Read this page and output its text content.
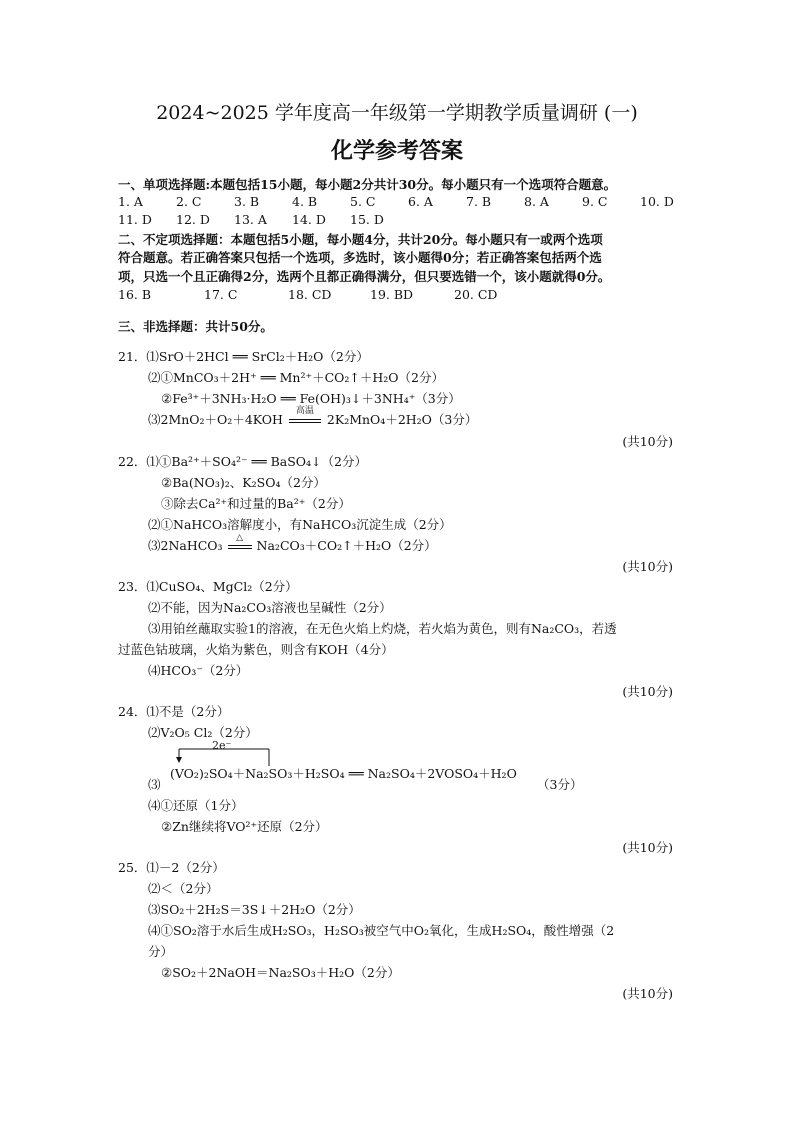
2024~2025 学年度高一年级第一学期教学质量调研 (一)
化学参考答案
一、单项选择题:本题包括15小题，每小题2分共计30分。每小题只有一个选项符合题意。
1. A	2. C	3. B	4. B	5. C	6. A	7. B	8. A	9. C	10. D
11. D 12. D 13. A 14. D 15. D
二、不定项选择题：本题包括5小题，每小题4分，共计20分。每小题只有一或两个选项
符合题意。若正确答案只包括一个选项，多选时，该小题得0分；若正确答案包括两个选
项，只选一个且正确得2分，选两个且都正确得满分，但只要选错一个，该小题就得0分。
16. B	17. C	18. CD	19. BD	20. CD
三、非选择题：共计50分。
21．⑴SrO＋2HCl ══ SrCl₂＋H₂O（2分）
⑵①MnCO₃＋2H⁺ ══ Mn²⁺＋CO₂↑＋H₂O（2分）
②Fe³⁺＋3NH₃·H₂O ══ Fe(OH)₃↓＋3NH₄⁺（3分）
⑶2MnO₂＋O₂＋4KOH
高温
2K₂MnO₄＋2H₂O（3分）
(共10分)
22．⑴①Ba²⁺＋SO₄²⁻ ══ BaSO₄↓（2分）
②Ba(NO₃)₂、K₂SO₄（2分）
③除去Ca²⁺和过量的Ba²⁺（2分）
⑵①NaHCO₃溶解度小，有NaHCO₃沉淀生成（2分）
⑶2NaHCO₃	△	Na₂CO₃＋CO₂↑＋H₂O（2分）
(共10分)
23．⑴CuSO₄、MgCl₂（2分）
⑵不能，因为Na₂CO₃溶液也呈碱性（2分）
⑶用铂丝蘸取实验1的溶液，在无色火焰上灼烧，若火焰为黄色，则有Na₂CO₃，若透
过蓝色钴玻璃，火焰为紫色，则含有KOH（4分）
⑷HCO₃⁻（2分）
(共10分)
24．⑴不是（2分）
⑵V₂O₅ Cl₂（2分）
2e⁻
⑶
(VO₂)₂SO₄＋Na₂SO₃＋H₂SO₄ ══ Na₂SO₄＋2VOSO₄＋H₂O
（3分）
⑷①还原（1分）
②Zn继续将VO²⁺还原（2分）
(共10分)
25．⑴－2（2分）
⑵＜（2分）
⑶SO₂＋2H₂S＝3S↓＋2H₂O（2分）
⑷①SO₂溶于水后生成H₂SO₃，H₂SO₃被空气中O₂氧化，生成H₂SO₄，酸性增强（2
分）
②SO₂＋2NaOH＝Na₂SO₃＋H₂O（2分）
(共10分)
